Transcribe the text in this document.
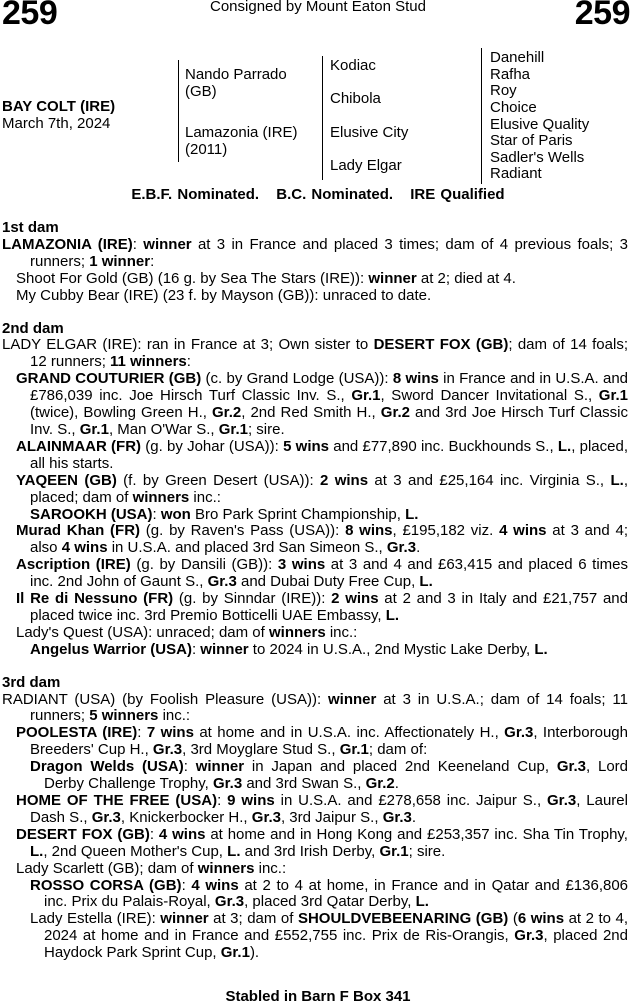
259	Consigned by Mount Eaton Stud	259
BAY COLT (IRE)
March 7th, 2024
Nando Parrado (GB)
Lamazonia (IRE) (2011)
Kodiac
Chibola
Elusive City
Lady Elgar
Danehill
Rafha
Roy
Choice
Elusive Quality
Star of Paris
Sadler's Wells
Radiant
E.B.F. Nominated. B.C. Nominated. IRE Qualified
1st dam
LAMAZONIA (IRE): winner at 3 in France and placed 3 times; dam of 4 previous foals; 3 runners; 1 winner:
Shoot For Gold (GB) (16 g. by Sea The Stars (IRE)): winner at 2; died at 4.
My Cubby Bear (IRE) (23 f. by Mayson (GB)): unraced to date.
2nd dam
LADY ELGAR (IRE): ran in France at 3; Own sister to DESERT FOX (GB); dam of 14 foals; 12 runners; 11 winners:
GRAND COUTURIER (GB) (c. by Grand Lodge (USA)): 8 wins in France and in U.S.A. and £786,039 inc. Joe Hirsch Turf Classic Inv. S., Gr.1, Sword Dancer Invitational S., Gr.1 (twice), Bowling Green H., Gr.2, 2nd Red Smith H., Gr.2 and 3rd Joe Hirsch Turf Classic Inv. S., Gr.1, Man O'War S., Gr.1; sire.
ALAINMAAR (FR) (g. by Johar (USA)): 5 wins and £77,890 inc. Buckhounds S., L., placed, all his starts.
YAQEEN (GB) (f. by Green Desert (USA)): 2 wins at 3 and £25,164 inc. Virginia S., L., placed; dam of winners inc.:
SAROOKH (USA): won Bro Park Sprint Championship, L.
Murad Khan (FR) (g. by Raven's Pass (USA)): 8 wins, £195,182 viz. 4 wins at 3 and 4; also 4 wins in U.S.A. and placed 3rd San Simeon S., Gr.3.
Ascription (IRE) (g. by Dansili (GB)): 3 wins at 3 and 4 and £63,415 and placed 6 times inc. 2nd John of Gaunt S., Gr.3 and Dubai Duty Free Cup, L.
Il Re di Nessuno (FR) (g. by Sinndar (IRE)): 2 wins at 2 and 3 in Italy and £21,757 and placed twice inc. 3rd Premio Botticelli UAE Embassy, L.
Lady's Quest (USA): unraced; dam of winners inc.:
Angelus Warrior (USA): winner to 2024 in U.S.A., 2nd Mystic Lake Derby, L.
3rd dam
RADIANT (USA) (by Foolish Pleasure (USA)): winner at 3 in U.S.A.; dam of 14 foals; 11 runners; 5 winners inc.:
POOLESTA (IRE): 7 wins at home and in U.S.A. inc. Affectionately H., Gr.3, Interborough Breeders' Cup H., Gr.3, 3rd Moyglare Stud S., Gr.1; dam of:
Dragon Welds (USA): winner in Japan and placed 2nd Keeneland Cup, Gr.3, Lord Derby Challenge Trophy, Gr.3 and 3rd Swan S., Gr.2.
HOME OF THE FREE (USA): 9 wins in U.S.A. and £278,658 inc. Jaipur S., Gr.3, Laurel Dash S., Gr.3, Knickerbocker H., Gr.3, 3rd Jaipur S., Gr.3.
DESERT FOX (GB): 4 wins at home and in Hong Kong and £253,357 inc. Sha Tin Trophy, L., 2nd Queen Mother's Cup, L. and 3rd Irish Derby, Gr.1; sire.
Lady Scarlett (GB); dam of winners inc.:
ROSSO CORSA (GB): 4 wins at 2 to 4 at home, in France and in Qatar and £136,806 inc. Prix du Palais-Royal, Gr.3, placed 3rd Qatar Derby, L.
Lady Estella (IRE): winner at 3; dam of SHOULDVEBEENARING (GB) (6 wins at 2 to 4, 2024 at home and in France and £552,755 inc. Prix de Ris-Orangis, Gr.3, placed 2nd Haydock Park Sprint Cup, Gr.1).
Stabled in Barn F Box 341
